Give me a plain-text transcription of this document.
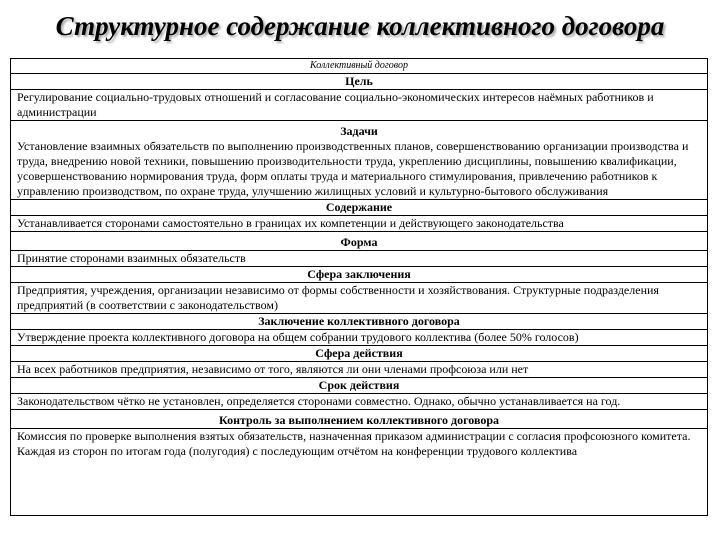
Структурное содержание коллективного договора
Коллективный договор
Цель
Регулирование социально-трудовых отношений и согласование социально-экономических интересов наёмных работников и администрации
Задачи
Установление взаимных обязательств по выполнению производственных планов, совершенствованию организации производства и труда, внедрению новой техники, повышению производительности труда, укреплению дисциплины, повышению квалификации, усовершенствованию нормирования труда, форм оплаты труда и материального стимулирования, привлечению работников к управлению производством, по охране труда, улучшению жилищных условий и культурно-бытового обслуживания
Содержание
Устанавливается сторонами самостоятельно в границах их компетенции и действующего законодательства
Форма
Принятие сторонами взаимных обязательств
Сфера заключения
Предприятия, учреждения, организации независимо от формы собственности и хозяйствования. Структурные подразделения предприятий (в соответствии с законодательством)
Заключение коллективного договора
Утверждение проекта коллективного договора на общем собрании трудового коллектива (более 50% голосов)
Сфера действия
На всех работников предприятия, независимо от того, являются ли они членами профсоюза или нет
Срок действия
Законодательством чётко не установлен, определяется сторонами совместно. Однако, обычно устанавливается на год.
Контроль за выполнением коллективного договора
Комиссия по проверке выполнения взятых обязательств, назначенная приказом администрации с согласия профсоюзного комитета. Каждая из сторон по итогам года (полугодия) с последующим отчётом на конференции трудового коллектива
